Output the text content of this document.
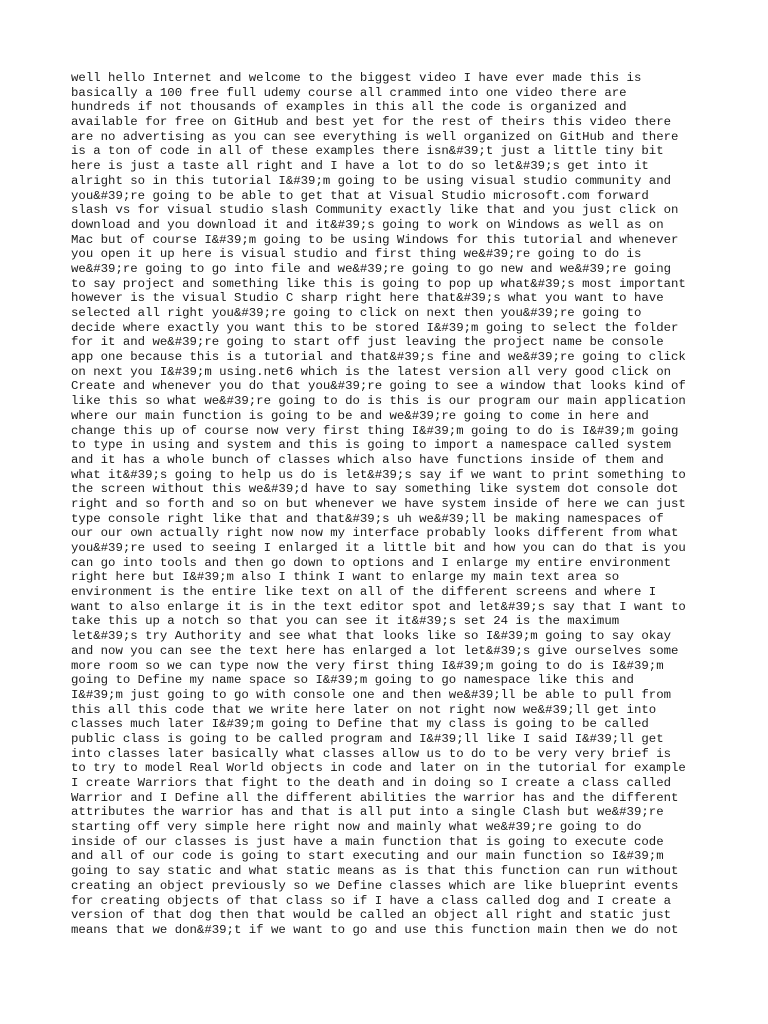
well hello Internet and welcome to the biggest video I have ever made this is
basically a 100 free full udemy course all crammed into one video there are
hundreds if not thousands of examples in this all the code is organized and
available for free on GitHub and best yet for the rest of theirs this video there
are no advertising as you can see everything is well organized on GitHub and there
is a ton of code in all of these examples there isn&#39;t just a little tiny bit
here is just a taste all right and I have a lot to do so let&#39;s get into it
alright so in this tutorial I&#39;m going to be using visual studio community and
you&#39;re going to be able to get that at Visual Studio microsoft.com forward
slash vs for visual studio slash Community exactly like that and you just click on
download and you download it and it&#39;s going to work on Windows as well as on
Mac but of course I&#39;m going to be using Windows for this tutorial and whenever
you open it up here is visual studio and first thing we&#39;re going to do is
we&#39;re going to go into file and we&#39;re going to go new and we&#39;re going
to say project and something like this is going to pop up what&#39;s most important
however is the visual Studio C sharp right here that&#39;s what you want to have
selected all right you&#39;re going to click on next then you&#39;re going to
decide where exactly you want this to be stored I&#39;m going to select the folder
for it and we&#39;re going to start off just leaving the project name be console
app one because this is a tutorial and that&#39;s fine and we&#39;re going to click
on next you I&#39;m using.net6 which is the latest version all very good click on
Create and whenever you do that you&#39;re going to see a window that looks kind of
like this so what we&#39;re going to do is this is our program our main application
where our main function is going to be and we&#39;re going to come in here and
change this up of course now very first thing I&#39;m going to do is I&#39;m going
to type in using and system and this is going to import a namespace called system
and it has a whole bunch of classes which also have functions inside of them and
what it&#39;s going to help us do is let&#39;s say if we want to print something to
the screen without this we&#39;d have to say something like system dot console dot
right and so forth and so on but whenever we have system inside of here we can just
type console right like that and that&#39;s uh we&#39;ll be making namespaces of
our our own actually right now now my interface probably looks different from what
you&#39;re used to seeing I enlarged it a little bit and how you can do that is you
can go into tools and then go down to options and I enlarge my entire environment
right here but I&#39;m also I think I want to enlarge my main text area so
environment is the entire like text on all of the different screens and where I
want to also enlarge it is in the text editor spot and let&#39;s say that I want to
take this up a notch so that you can see it it&#39;s set 24 is the maximum
let&#39;s try Authority and see what that looks like so I&#39;m going to say okay
and now you can see the text here has enlarged a lot let&#39;s give ourselves some
more room so we can type now the very first thing I&#39;m going to do is I&#39;m
going to Define my name space so I&#39;m going to go namespace like this and
I&#39;m just going to go with console one and then we&#39;ll be able to pull from
this all this code that we write here later on not right now we&#39;ll get into
classes much later I&#39;m going to Define that my class is going to be called
public class is going to be called program and I&#39;ll like I said I&#39;ll get
into classes later basically what classes allow us to do to be very very brief is
to try to model Real World objects in code and later on in the tutorial for example
I create Warriors that fight to the death and in doing so I create a class called
Warrior and I Define all the different abilities the warrior has and the different
attributes the warrior has and that is all put into a single Clash but we&#39;re
starting off very simple here right now and mainly what we&#39;re going to do
inside of our classes is just have a main function that is going to execute code
and all of our code is going to start executing and our main function so I&#39;m
going to say static and what static means as is that this function can run without
creating an object previously so we Define classes which are like blueprint events
for creating objects of that class so if I have a class called dog and I create a
version of that dog then that would be called an object all right and static just
means that we don&#39;t if we want to go and use this function main then we do not
